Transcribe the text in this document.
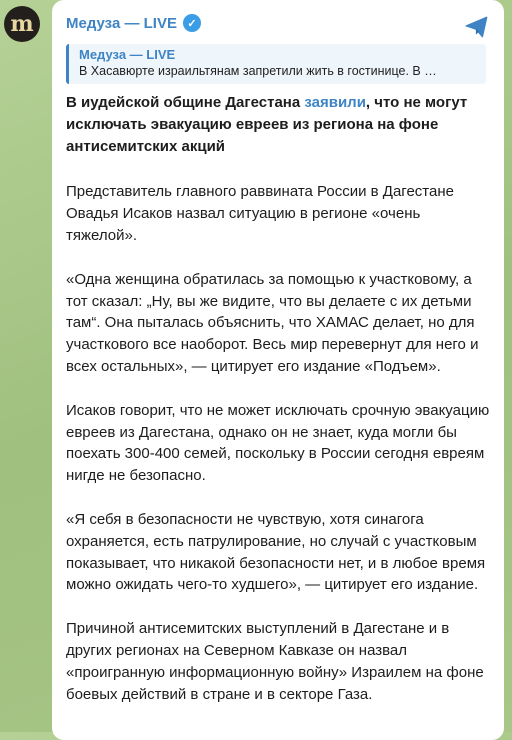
m	Медуза — LIVE ✓
Медуза — LIVE
В Хасавюрте израильтянам запретили жить в гостинице. В …

В иудейской общине Дагестана заявили, что не могут исключать эвакуацию евреев из региона на фоне антисемитских акций

Представитель главного раввината России в Дагестане Овадья Исаков назвал ситуацию в регионе «очень тяжелой».

«Одна женщина обратилась за помощью к участковому, а тот сказал: „Ну, вы же видите, что вы делаете с их детьми там“. Она пыталась объяснить, что ХАМАС делает, но для участкового все наоборот. Весь мир перевернут для него и всех остальных», — цитирует его издание «Подъем».

Исаков говорит, что не может исключать срочную эвакуацию евреев из Дагестана, однако он не знает, куда могли бы поехать 300-400 семей, поскольку в России сегодня евреям нигде не безопасно.

«Я себя в безопасности не чувствую, хотя синагога охраняется, есть патрулирование, но случай с участковым показывает, что никакой безопасности нет, и в любое время можно ожидать чего-то худшего», — цитирует его издание.

Причиной антисемитских выступлений в Дагестане и в других регионах на Северном Кавказе он назвал «проигранную информационную войну» Израилем на фоне боевых действий в стране и в секторе Газа.
